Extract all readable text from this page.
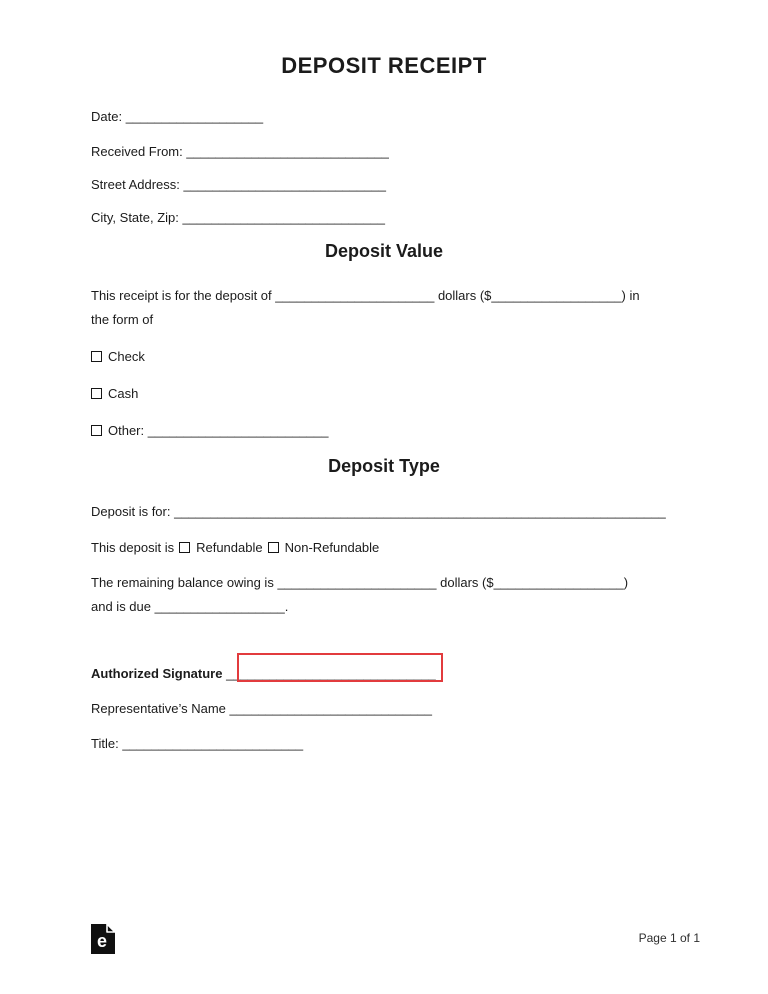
DEPOSIT RECEIPT
Date: ___________________
Received From: ____________________________
Street Address: ____________________________
City, State, Zip: ____________________________
Deposit Value
This receipt is for the deposit of ______________________ dollars ($__________________) in
the form of
Check
Cash
Other: _________________________
Deposit Type
Deposit is for: ____________________________________________________________________
This deposit is Refundable Non-Refundable
The remaining balance owing is ______________________ dollars ($__________________)
and is due __________________.
Authorized Signature _____________________________
Representative’s Name ____________________________
Title: _________________________
e	Page 1 of 1
